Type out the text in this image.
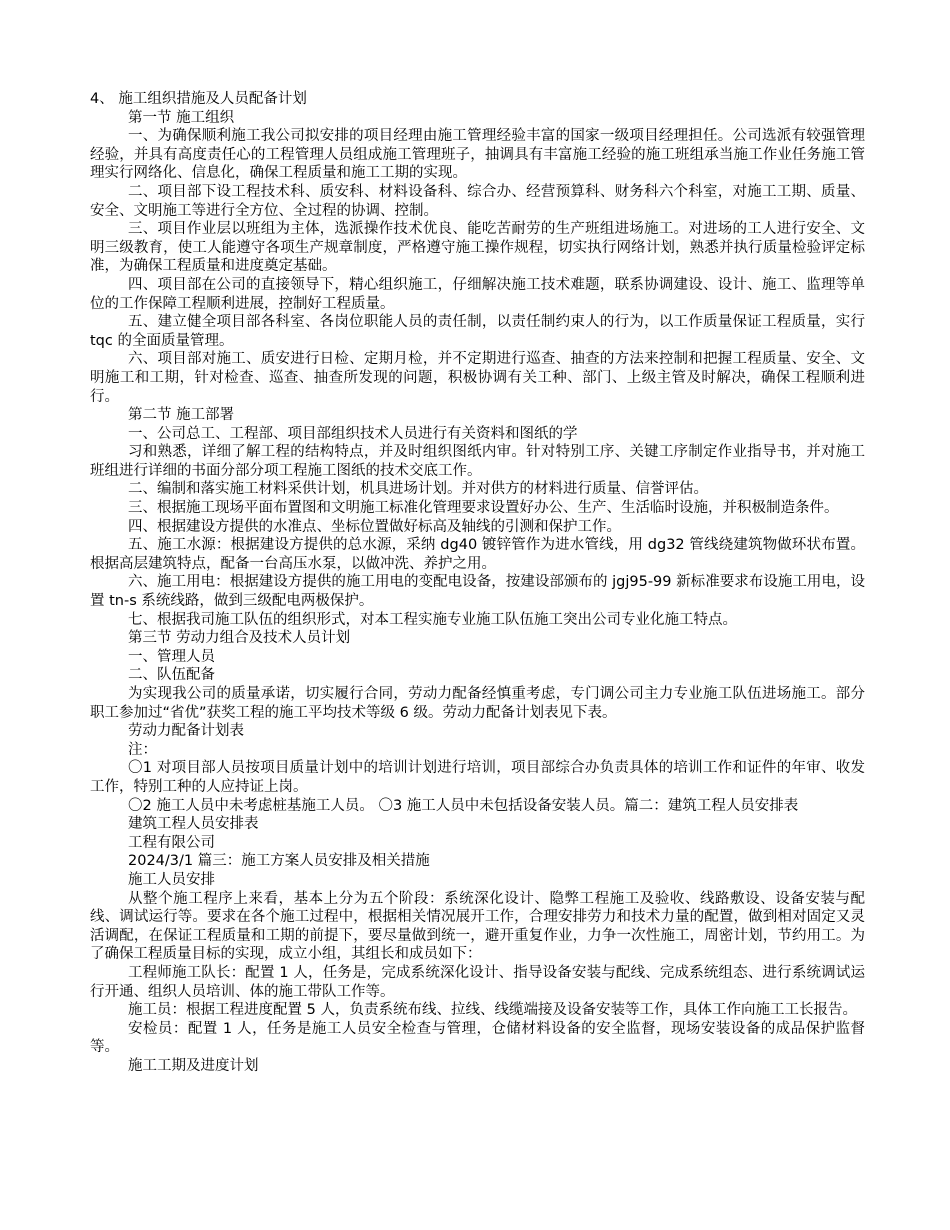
4、 施工组织措施及人员配备计划

第一节 施工组织

一、为确保顺利施工我公司拟安排的项目经理由施工管理经验丰富的国家一级项目经理担任。公司选派有较强管理经验，并具有高度责任心的工程管理人员组成施工管理班子，抽调具有丰富施工经验的施工班组承当施工作业任务施工管理实行网络化、信息化，确保工程质量和施工工期的实现。

二、项目部下设工程技术科、质安科、材料设备科、综合办、经营预算科、财务科六个科室，对施工工期、质量、安全、文明施工等进行全方位、全过程的协调、控制。

三、项目作业层以班组为主体，选派操作技术优良、能吃苦耐劳的生产班组进场施工。对进场的工人进行安全、文明三级教育，使工人能遵守各项生产规章制度，严格遵守施工操作规程，切实执行网络计划，熟悉并执行质量检验评定标准，为确保工程质量和进度奠定基础。

四、项目部在公司的直接领导下，精心组织施工，仔细解决施工技术难题，联系协调建设、设计、施工、监理等单位的工作保障工程顺利进展，控制好工程质量。

五、建立健全项目部各科室、各岗位职能人员的责任制，以责任制约束人的行为，以工作质量保证工程质量，实行 tqc 的全面质量管理。

六、项目部对施工、质安进行日检、定期月检，并不定期进行巡查、抽查的方法来控制和把握工程质量、安全、文明施工和工期，针对检查、巡查、抽查所发现的问题，积极协调有关工种、部门、上级主管及时解决，确保工程顺利进行。

第二节 施工部署

一、公司总工、工程部、项目部组织技术人员进行有关资料和图纸的学

习和熟悉，详细了解工程的结构特点，并及时组织图纸内审。针对特别工序、关键工序制定作业指导书，并对施工班组进行详细的书面分部分项工程施工图纸的技术交底工作。

二、编制和落实施工材料采供计划，机具进场计划。并对供方的材料进行质量、信誉评估。

三、根据施工现场平面布置图和文明施工标准化管理要求设置好办公、生产、生活临时设施，并积极制造条件。

四、根据建设方提供的水准点、坐标位置做好标高及轴线的引测和保护工作。

五、施工水源：根据建设方提供的总水源，采纳 dg40 镀锌管作为进水管线，用 dg32 管线绕建筑物做环状布置。根据高层建筑特点，配备一台高压水泵，以做冲洗、养护之用。

六、施工用电：根据建设方提供的施工用电的变配电设备，按建设部颁布的 jgj95-99 新标准要求布设施工用电，设置 tn-s 系统线路，做到三级配电两极保护。

七、根据我司施工队伍的组织形式，对本工程实施专业施工队伍施工突出公司专业化施工特点。

第三节 劳动力组合及技术人员计划

一、管理人员

二、队伍配备

为实现我公司的质量承诺，切实履行合同，劳动力配备经慎重考虑，专门调公司主力专业施工队伍进场施工。部分职工参加过“省优”获奖工程的施工平均技术等级 6 级。劳动力配备计划表见下表。

劳动力配备计划表

注：

〇1 对项目部人员按项目质量计划中的培训计划进行培训，项目部综合办负责具体的培训工作和证件的年审、收发工作，特别工种的人应持证上岗。

〇2 施工人员中未考虑桩基施工人员。 〇3 施工人员中未包括设备安装人员。篇二：建筑工程人员安排表

建筑工程人员安排表

工程有限公司

2024/3/1 篇三：施工方案人员安排及相关措施

施工人员安排

从整个施工程序上来看，基本上分为五个阶段：系统深化设计、隐弊工程施工及验收、线路敷设、设备安装与配线、调试运行等。要求在各个施工过程中，根据相关情况展开工作，合理安排劳力和技术力量的配置，做到相对固定又灵活调配，在保证工程质量和工期的前提下，要尽量做到统一，避开重复作业，力争一次性施工，周密计划，节约用工。为了确保工程质量目标的实现，成立小组，其组长和成员如下：

工程师施工队长：配置 1 人，任务是，完成系统深化设计、指导设备安装与配线、完成系统组态、进行系统调试运行开通、组织人员培训、体的施工带队工作等。

施工员：根据工程进度配置 5 人，负责系统布线、拉线、线缆端接及设备安装等工作，具体工作向施工工长报告。

安检员：配置 1 人，任务是施工人员安全检查与管理，仓储材料设备的安全监督，现场安装设备的成品保护监督等。

施工工期及进度计划
